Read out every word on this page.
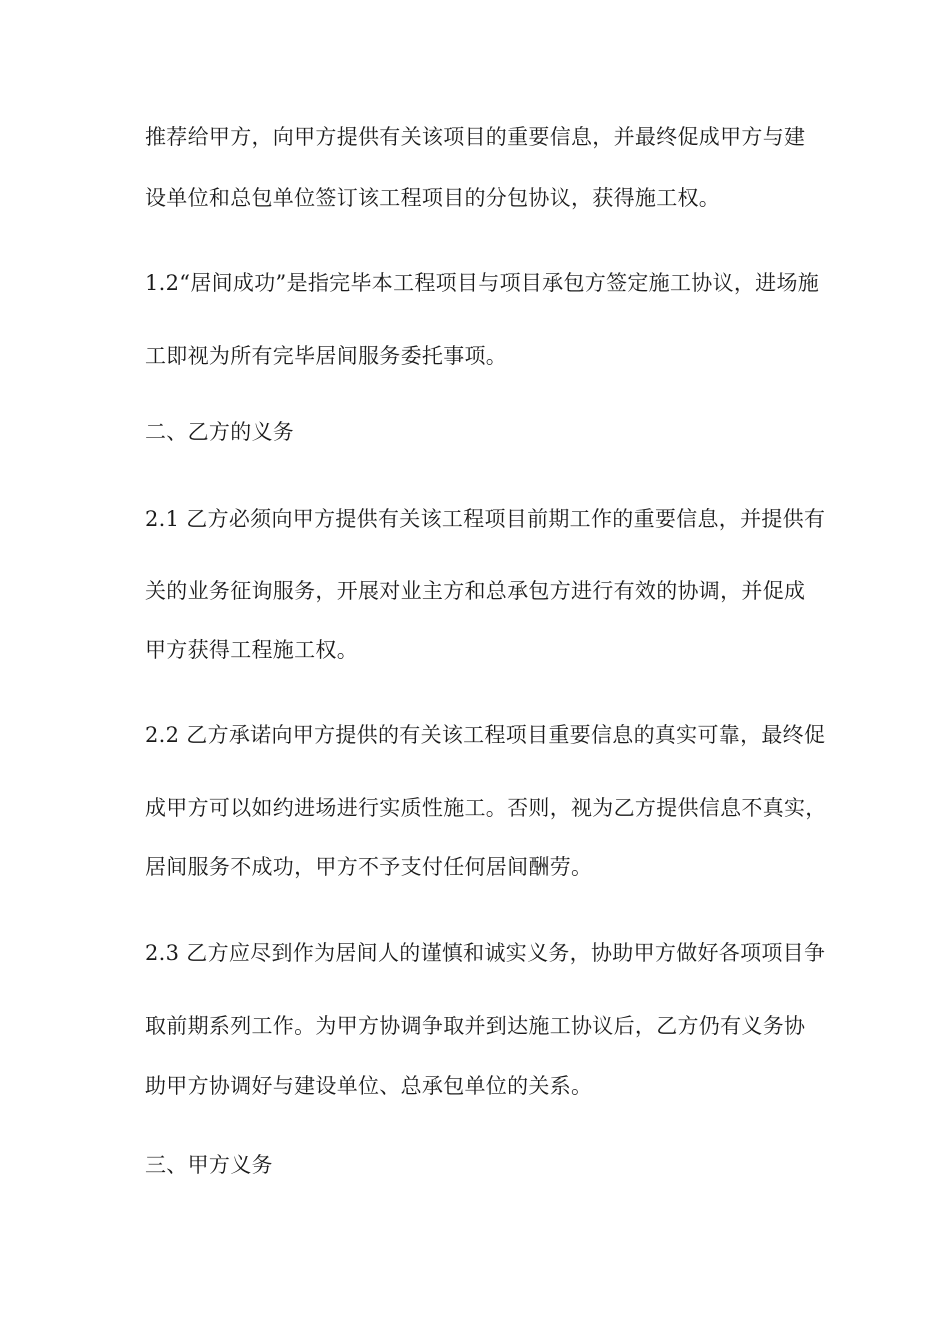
推荐给甲方，向甲方提供有关该项目的重要信息，并最终促成甲方与建
设单位和总包单位签订该工程项目的分包协议，获得施工权。
1.2“居间成功”是指完毕本工程项目与项目承包方签定施工协议，进场施
工即视为所有完毕居间服务委托事项。
二、乙方的义务
2.1 乙方必须向甲方提供有关该工程项目前期工作的重要信息，并提供有
关的业务征询服务，开展对业主方和总承包方进行有效的协调，并促成
甲方获得工程施工权。
2.2 乙方承诺向甲方提供的有关该工程项目重要信息的真实可靠，最终促
成甲方可以如约进场进行实质性施工。否则，视为乙方提供信息不真实，
居间服务不成功，甲方不予支付任何居间酬劳。
2.3 乙方应尽到作为居间人的谨慎和诚实义务，协助甲方做好各项项目争
取前期系列工作。为甲方协调争取并到达施工协议后，乙方仍有义务协
助甲方协调好与建设单位、总承包单位的关系。
三、甲方义务
